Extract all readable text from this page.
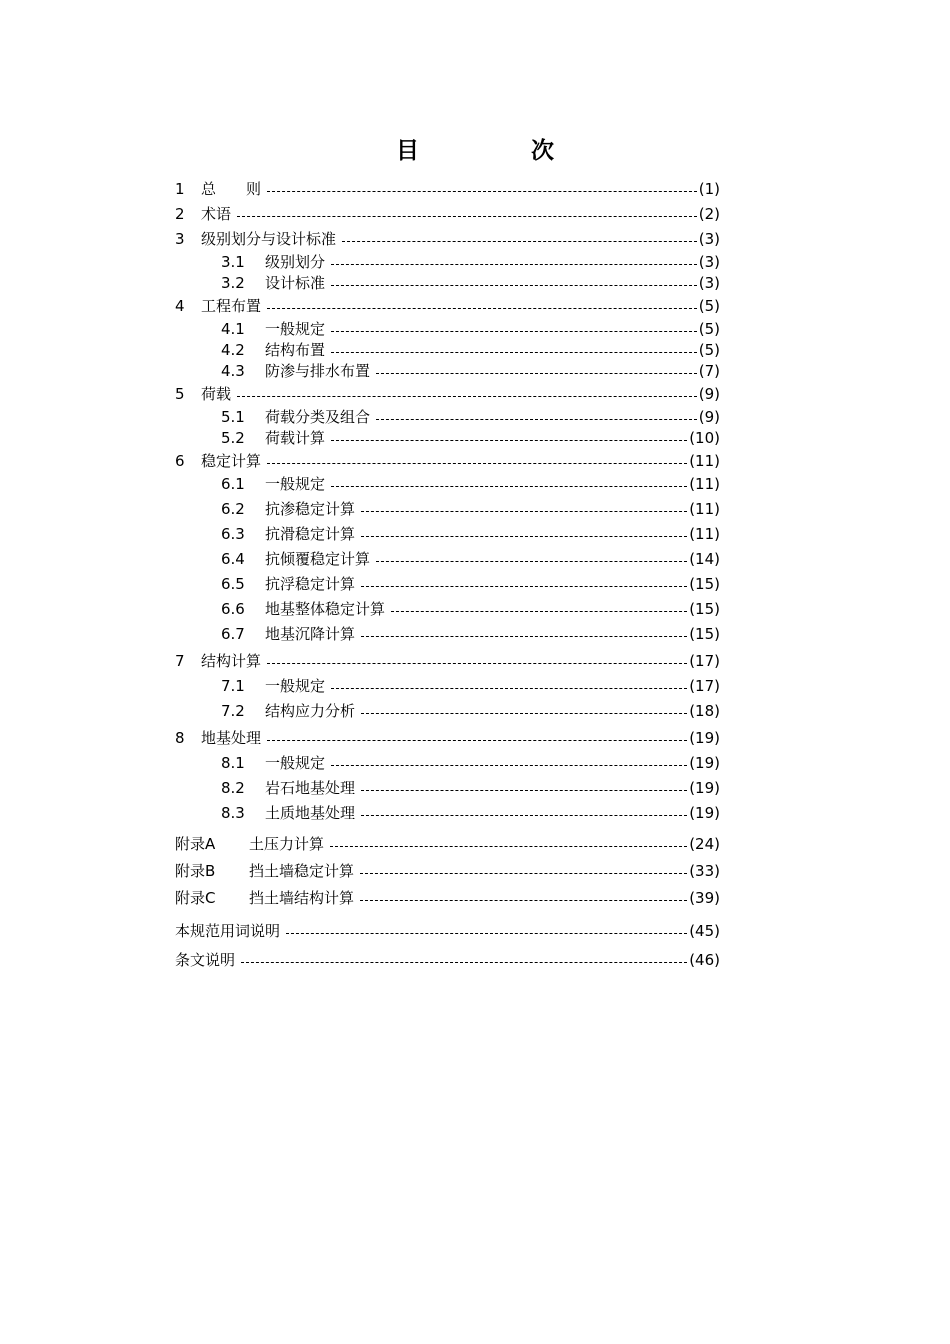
目　　次
1	总　　则	(1)
2	术语	(2)
3	级别划分与设计标准	(3)
3.1	级别划分	(3)
3.2	设计标准	(3)
4	工程布置	(5)
4.1	一般规定	(5)
4.2	结构布置	(5)
4.3	防渗与排水布置	(7)
5	荷载	(9)
5.1	荷载分类及组合	(9)
5.2	荷载计算	(10)
6	稳定计算	(11)
6.1	一般规定	(11)
6.2	抗渗稳定计算	(11)
6.3	抗滑稳定计算	(11)
6.4	抗倾覆稳定计算	(14)
6.5	抗浮稳定计算	(15)
6.6	地基整体稳定计算	(15)
6.7	地基沉降计算	(15)
7	结构计算	(17)
7.1	一般规定	(17)
7.2	结构应力分析	(18)
8	地基处理	(19)
8.1	一般规定	(19)
8.2	岩石地基处理	(19)
8.3	土质地基处理	(19)
附录A	土压力计算	(24)
附录B	挡土墙稳定计算	(33)
附录C	挡土墙结构计算	(39)
本规范用词说明	(45)
条文说明	(46)
